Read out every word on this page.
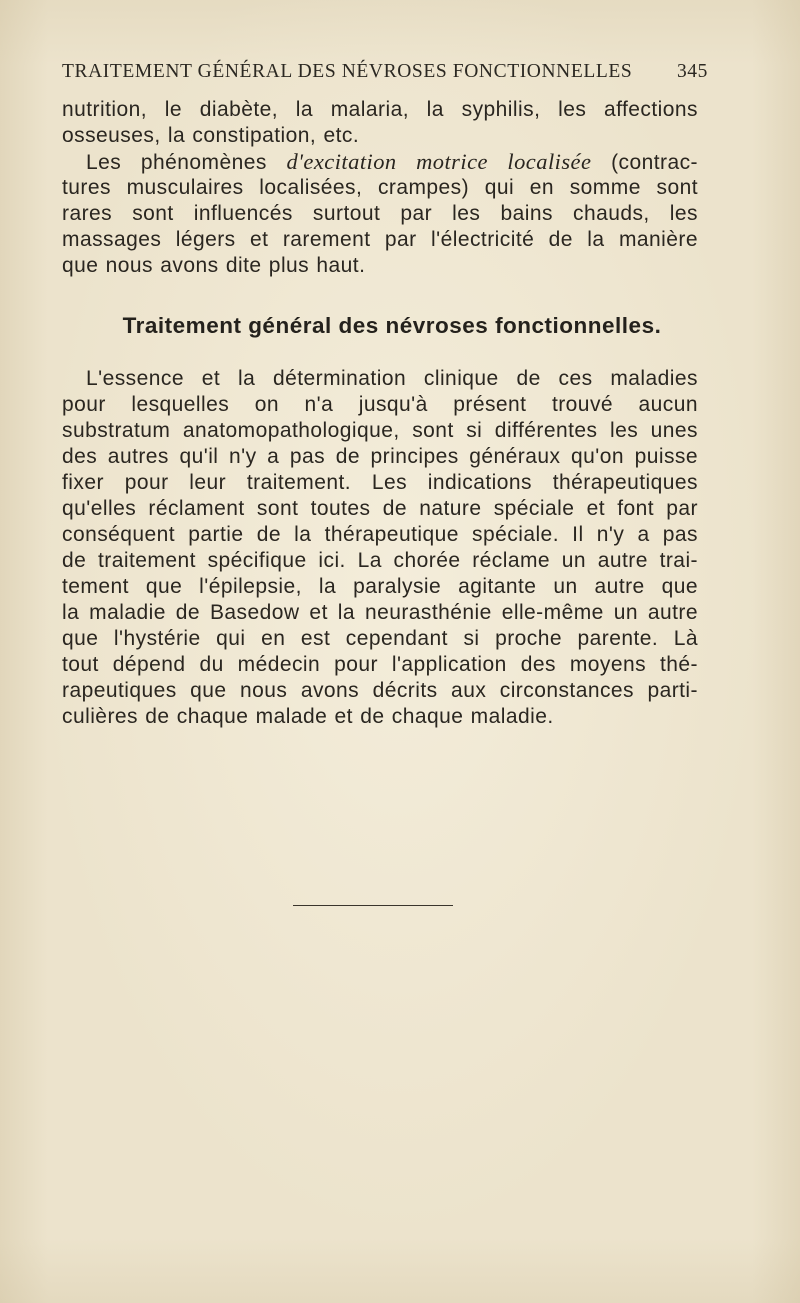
TRAITEMENT GÉNÉRAL DES NÉVROSES FONCTIONNELLES 345
nutrition, le diabète, la malaria, la syphilis, les affections
osseuses, la constipation, etc.
Les phénomènes d'excitation motrice localisée (contrac-
tures musculaires localisées, crampes) qui en somme sont
rares sont influencés surtout par les bains chauds, les
massages légers et rarement par l'électricité de la manière
que nous avons dite plus haut.
Traitement général des névroses fonctionnelles.
L'essence et la détermination clinique de ces maladies
pour lesquelles on n'a jusqu'à présent trouvé aucun
substratum anatomopathologique, sont si différentes les unes
des autres qu'il n'y a pas de principes généraux qu'on puisse
fixer pour leur traitement. Les indications thérapeutiques
qu'elles réclament sont toutes de nature spéciale et font par
conséquent partie de la thérapeutique spéciale. Il n'y a pas
de traitement spécifique ici. La chorée réclame un autre trai-
tement que l'épilepsie, la paralysie agitante un autre que
la maladie de Basedow et la neurasthénie elle-même un autre
que l'hystérie qui en est cependant si proche parente. Là
tout dépend du médecin pour l'application des moyens thé-
rapeutiques que nous avons décrits aux circonstances parti-
culières de chaque malade et de chaque maladie.
